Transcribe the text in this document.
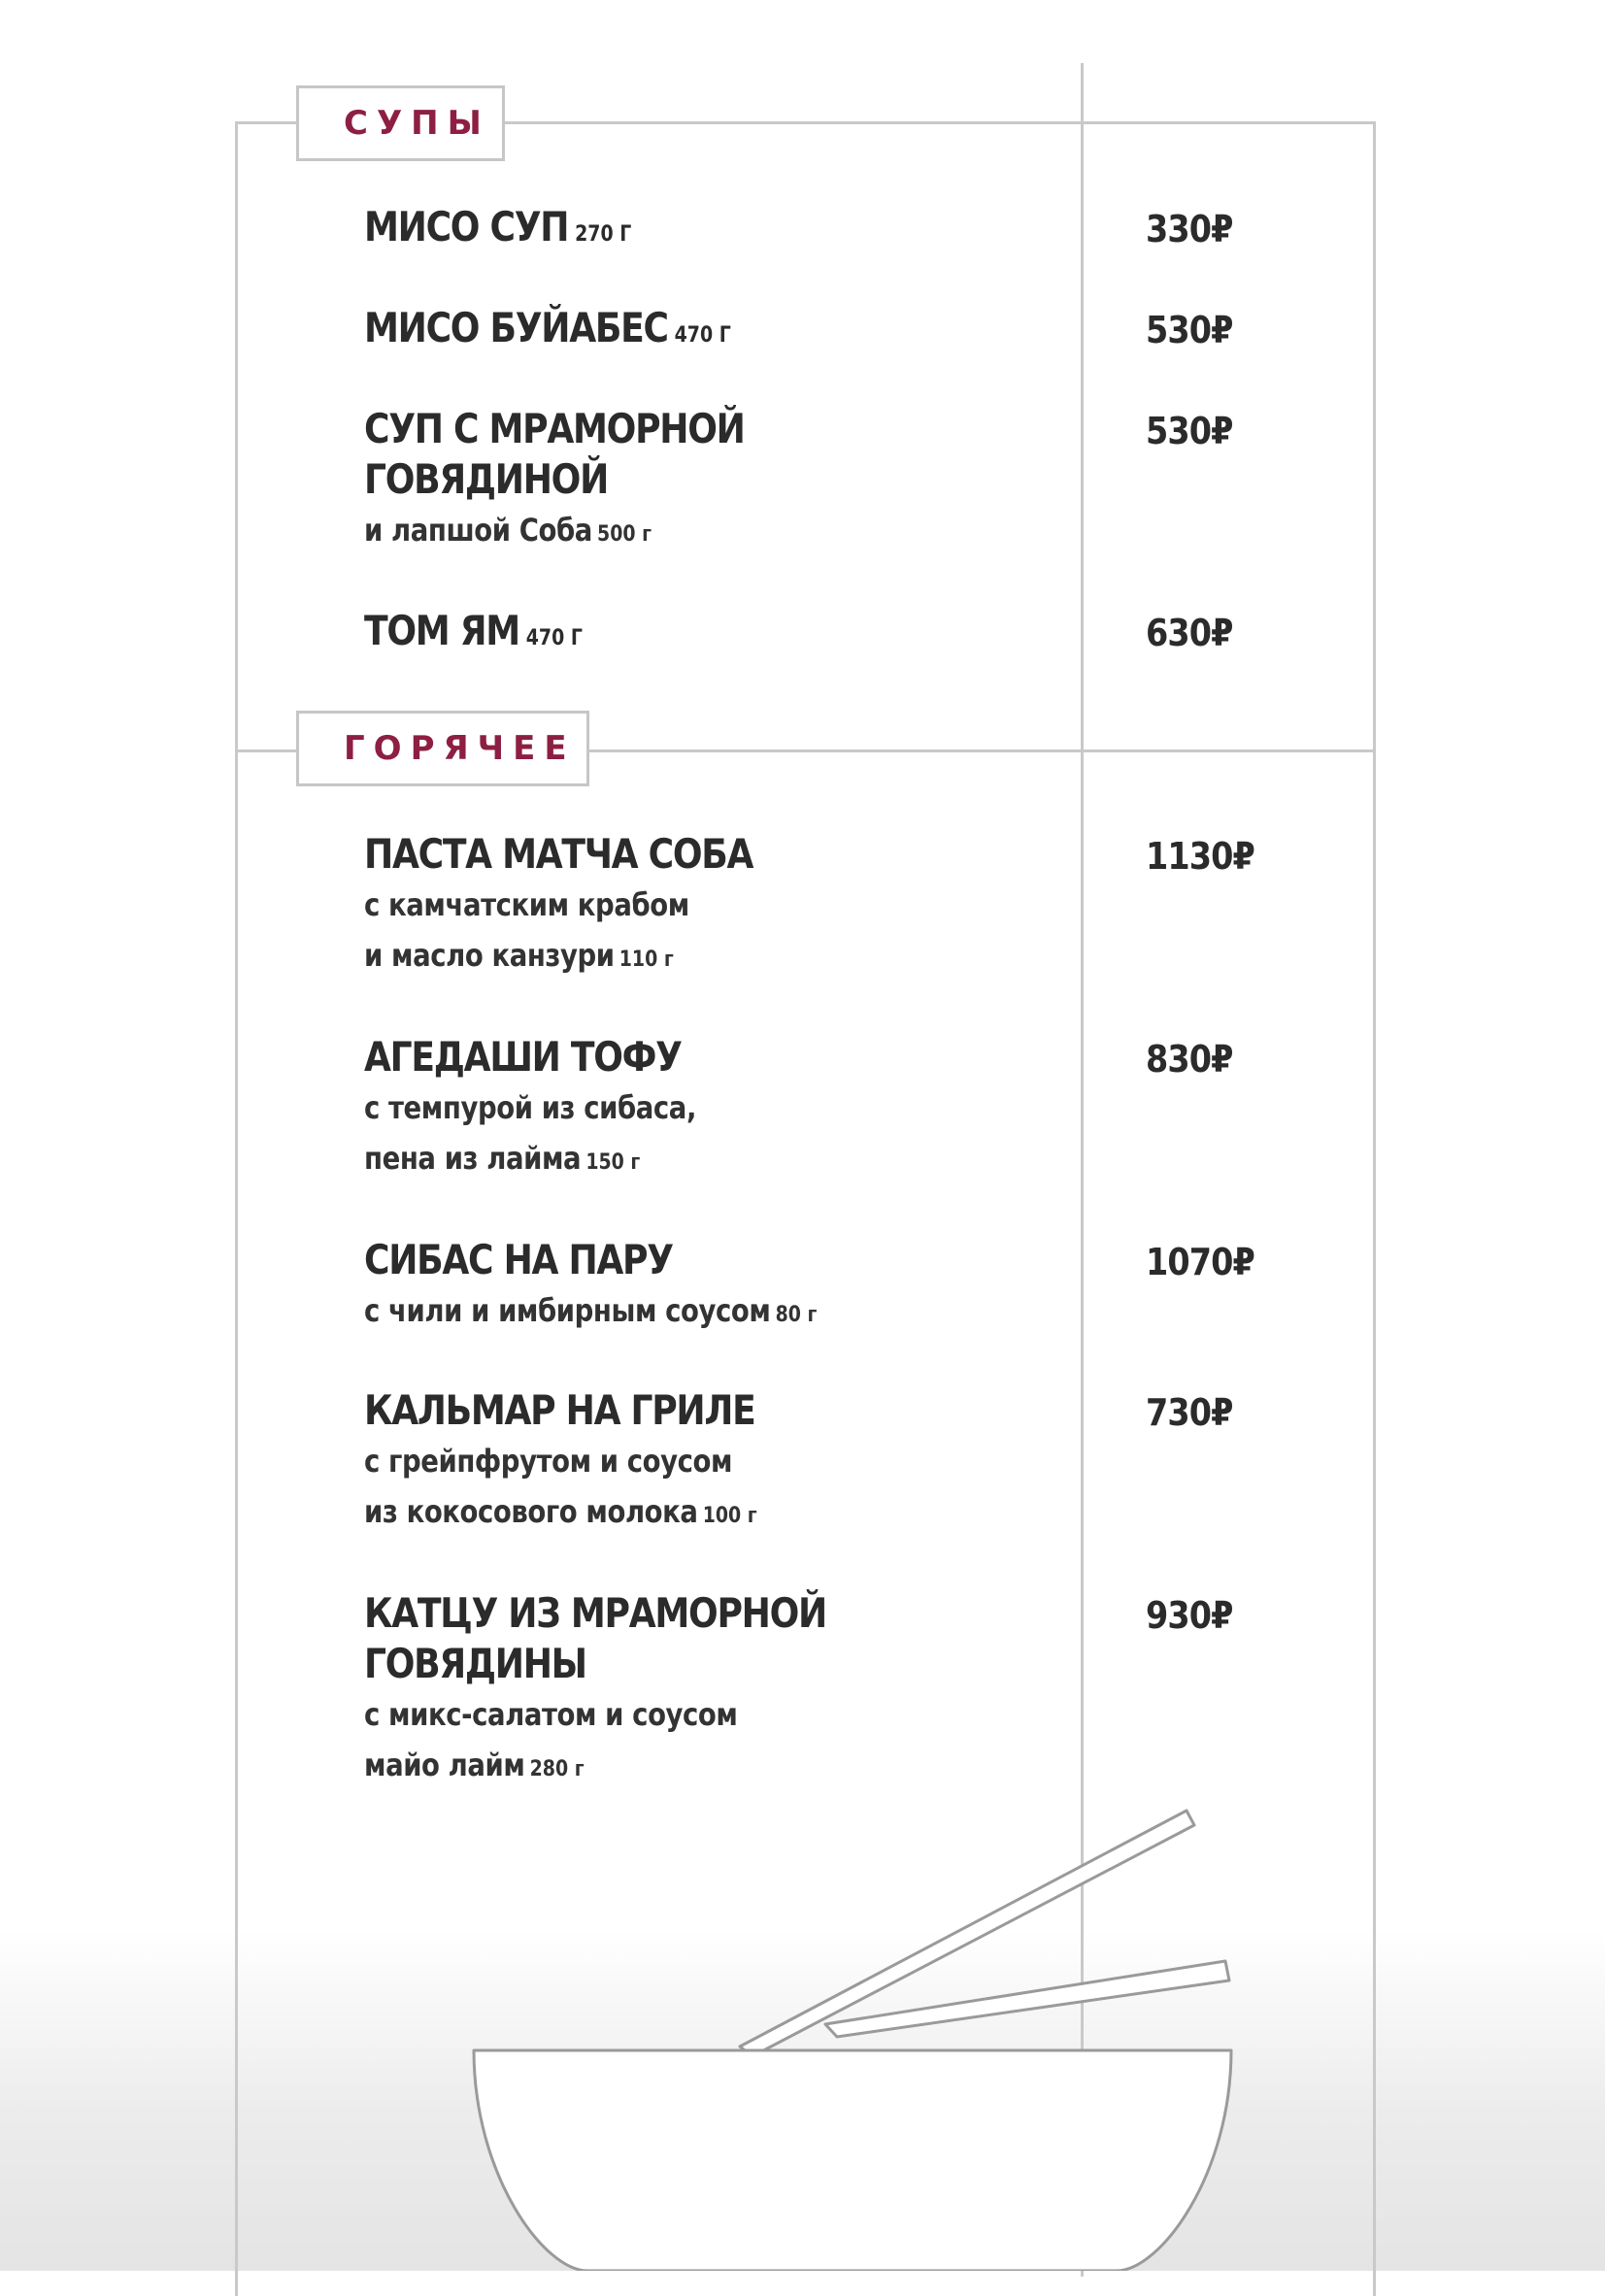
СУПЫ
МИСО СУП 270 Г	330₽
МИСО БУЙАБЕС 470 Г	530₽
СУП С МРАМОРНОЙ
ГОВЯДИНОЙ
и лапшой Соба 500 г
530₽
ТОМ ЯМ 470 Г	630₽
ГОРЯЧЕЕ
ПАСТА МАТЧА СОБА
с камчатским крабом
и масло канзури 110 г
1130₽
АГЕДАШИ ТОФУ
с темпурой из сибаса,
пена из лайма 150 г
830₽
СИБАС НА ПАРУ
с чили и имбирным соусом 80 г
1070₽
КАЛЬМАР НА ГРИЛЕ
с грейпфрутом и соусом
из кокосового молока 100 г
730₽
КАТЦУ ИЗ МРАМОРНОЙ
ГОВЯДИНЫ
с микс-салатом и соусом
майо лайм 280 г
930₽
